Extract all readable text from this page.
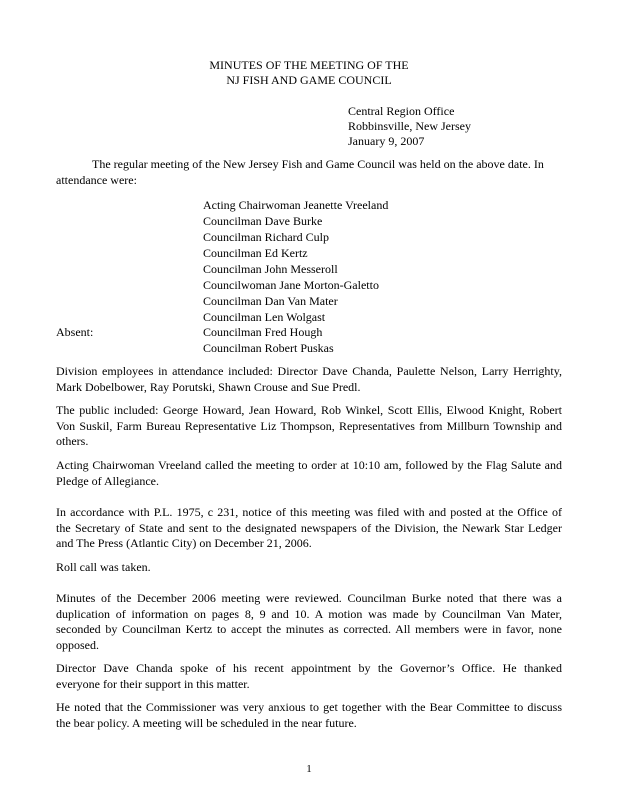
MINUTES OF THE MEETING OF THE
NJ FISH AND GAME COUNCIL
Central Region Office
Robbinsville, New Jersey
January 9, 2007
The regular meeting of the New Jersey Fish and Game Council was held on the above date. In
attendance were:
Acting Chairwoman Jeanette Vreeland
Councilman Dave Burke
Councilman Richard Culp
Councilman Ed Kertz
Councilman John Messeroll
Councilwoman Jane Morton-Galetto
Councilman Dan Van Mater
Councilman Len Wolgast
Absent:	Councilman Fred Hough
Councilman Robert Puskas
Division employees in attendance included: Director Dave Chanda, Paulette Nelson, Larry Herrighty,
Mark Dobelbower, Ray Porutski, Shawn Crouse and Sue Predl.
The public included: George Howard, Jean Howard, Rob Winkel, Scott Ellis, Elwood Knight, Robert
Von Suskil, Farm Bureau Representative Liz Thompson, Representatives from Millburn Township and
others.
Acting Chairwoman Vreeland called the meeting to order at 10:10 am, followed by the Flag Salute and
Pledge of Allegiance.
In accordance with P.L. 1975, c 231, notice of this meeting was filed with and posted at the Office of
the Secretary of State and sent to the designated newspapers of the Division, the Newark Star Ledger
and The Press (Atlantic City) on December 21, 2006.
Roll call was taken.
Minutes of the December 2006 meeting were reviewed. Councilman Burke noted that there was a
duplication of information on pages 8, 9 and 10. A motion was made by Councilman Van Mater,
seconded by Councilman Kertz to accept the minutes as corrected. All members were in favor, none
opposed.
Director Dave Chanda spoke of his recent appointment by the Governor’s Office. He thanked
everyone for their support in this matter.
He noted that the Commissioner was very anxious to get together with the Bear Committee to discuss
the bear policy. A meeting will be scheduled in the near future.
1
